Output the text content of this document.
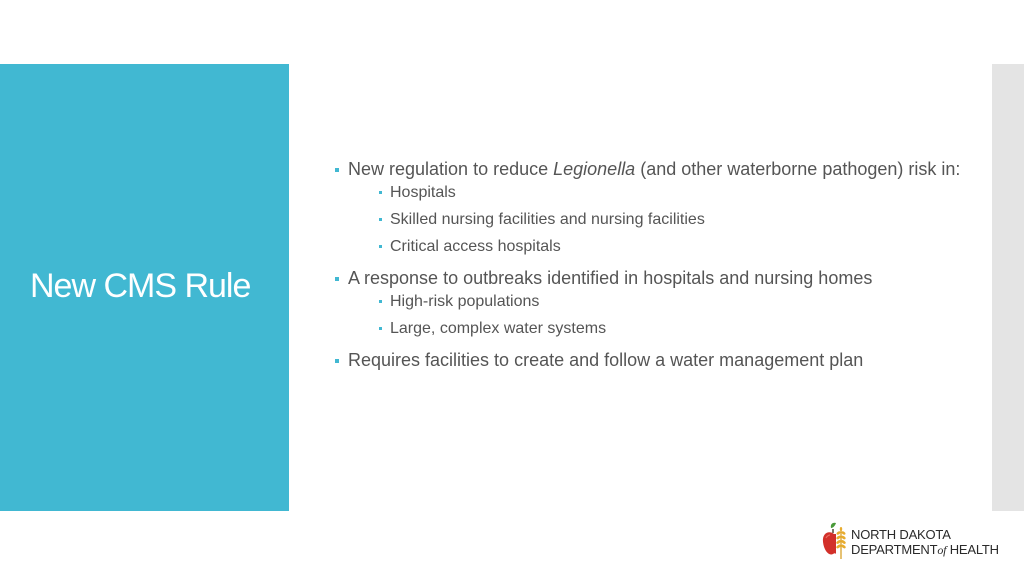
New CMS Rule
New regulation to reduce Legionella (and other waterborne pathogen) risk in:
Hospitals
Skilled nursing facilities and nursing facilities
Critical access hospitals
A response to outbreaks identified in hospitals and nursing homes
High-risk populations
Large, complex water systems
Requires facilities to create and follow a water management plan
NORTH DAKOTA
DEPARTMENTof HEALTH
